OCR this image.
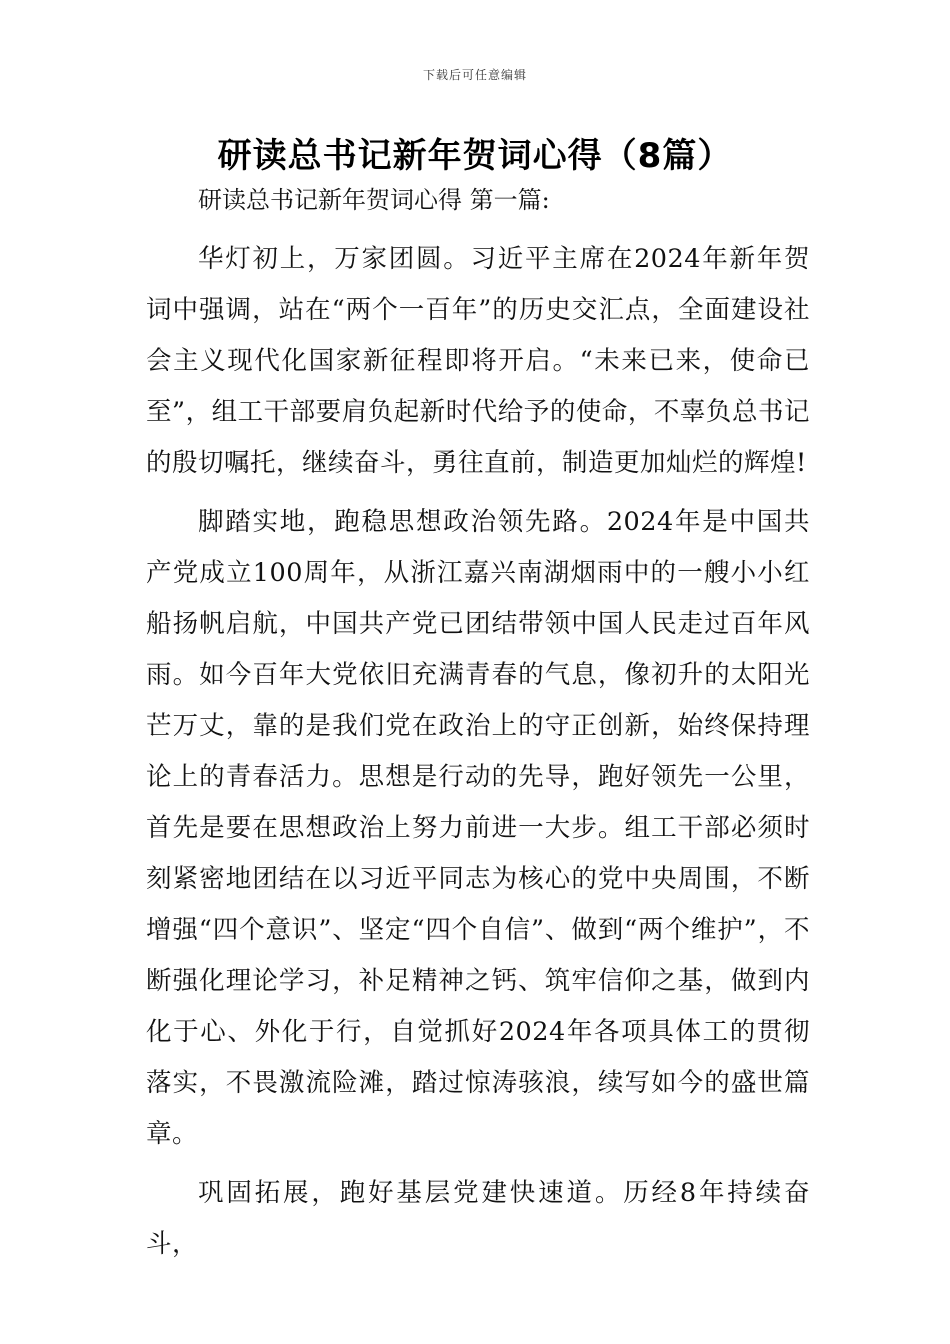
下载后可任意编辑
研读总书记新年贺词心得（8篇）

研读总书记新年贺词心得 第一篇:

华灯初上，万家团圆。习近平主席在2024年新年贺词中强调，站在“两个一百年”的历史交汇点，全面建设社会主义现代化国家新征程即将开启。“未来已来，使命已至”，组工干部要肩负起新时代给予的使命，不辜负总书记的殷切嘱托，继续奋斗，勇往直前，制造更加灿烂的辉煌!

脚踏实地，跑稳思想政治领先路。2024年是中国共产党成立100周年，从浙江嘉兴南湖烟雨中的一艘小小红船扬帆启航，中国共产党已团结带领中国人民走过百年风雨。如今百年大党依旧充满青春的气息，像初升的太阳光芒万丈，靠的是我们党在政治上的守正创新，始终保持理论上的青春活力。思想是行动的先导，跑好领先一公里，首先是要在思想政治上努力前进一大步。组工干部必须时刻紧密地团结在以习近平同志为核心的党中央周围，不断增强“四个意识”、坚定“四个自信”、做到“两个维护”，不断强化理论学习，补足精神之钙、筑牢信仰之基，做到内化于心、外化于行，自觉抓好2024年各项具体工的贯彻落实，不畏激流险滩，踏过惊涛骇浪，续写如今的盛世篇章。

巩固拓展，跑好基层党建快速道。历经8年持续奋斗，
